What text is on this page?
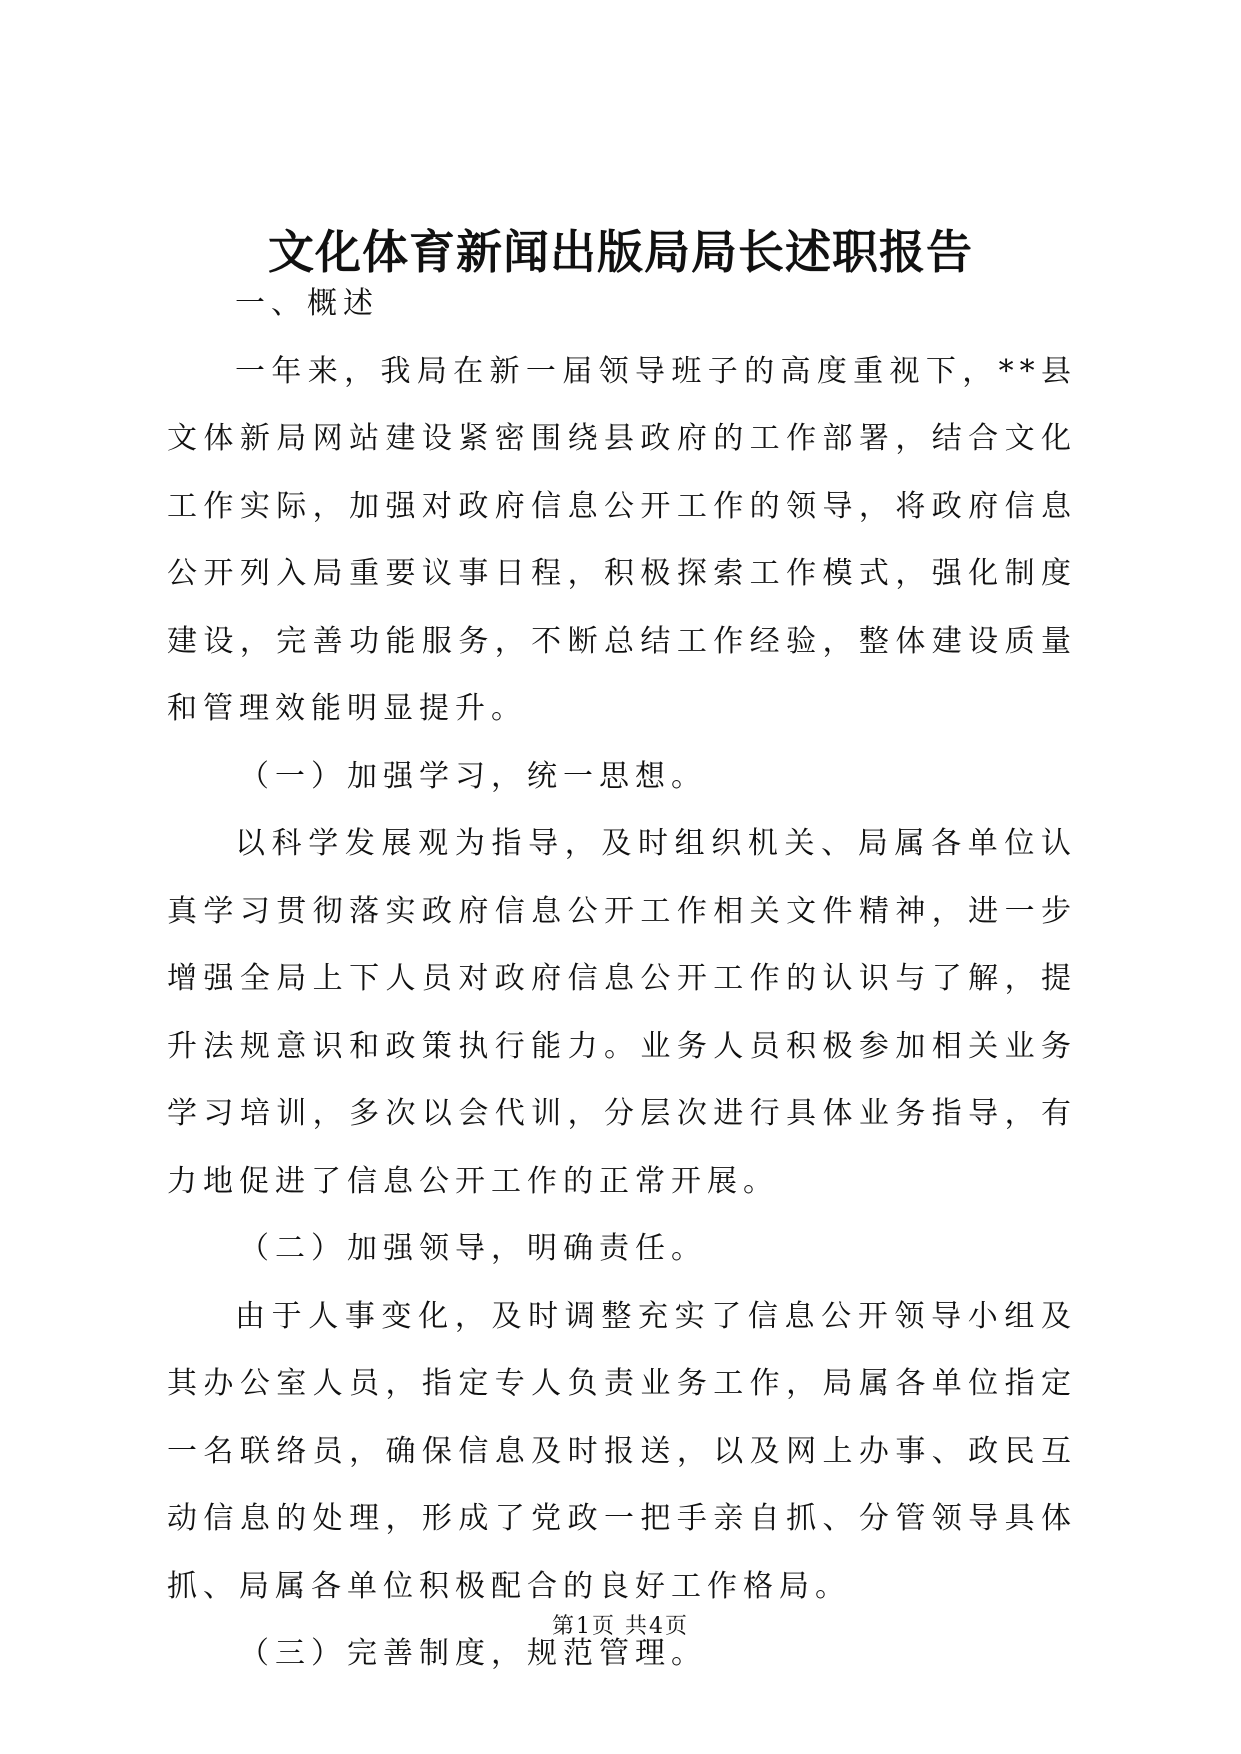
文化体育新闻出版局局长述职报告

一、概述

一年来，我局在新一届领导班子的高度重视下，**县文体新局网站建设紧密围绕县政府的工作部署，结合文化工作实际，加强对政府信息公开工作的领导，将政府信息公开列入局重要议事日程，积极探索工作模式，强化制度建设，完善功能服务，不断总结工作经验，整体建设质量和管理效能明显提升。

（一）加强学习，统一思想。

以科学发展观为指导，及时组织机关、局属各单位认真学习贯彻落实政府信息公开工作相关文件精神，进一步增强全局上下人员对政府信息公开工作的认识与了解，提升法规意识和政策执行能力。业务人员积极参加相关业务学习培训，多次以会代训，分层次进行具体业务指导，有力地促进了信息公开工作的正常开展。

（二）加强领导，明确责任。

由于人事变化，及时调整充实了信息公开领导小组及其办公室人员，指定专人负责业务工作，局属各单位指定一名联络员，确保信息及时报送，以及网上办事、政民互动信息的处理，形成了党政一把手亲自抓、分管领导具体抓、局属各单位积极配合的良好工作格局。

（三）完善制度，规范管理。

第1页 共4页
